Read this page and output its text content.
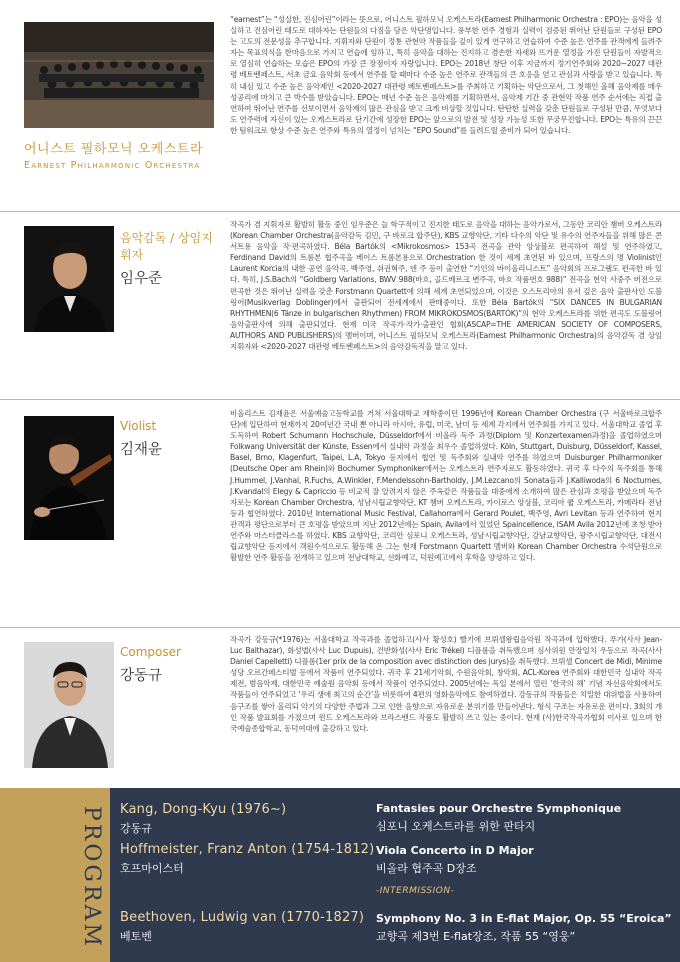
어니스트 필하모닉 오케스트라
Earnest Philharmonic Orchestra
“earnest”는 “성실한, 진심어린”이라는 뜻으로, 어니스트 필하모닉 오케스트라(Earnest Philharmonic Orchestra : EPO)는 음악을 성실하고 진심어린 태도로 대하자는 단원들의 다짐을 담은 악단명입니다. 풍부한 연주 경험과 실력이 검증된 뛰어난 단원들로 구성된 EPO는 고도의 전문성을 추구합니다. 지휘자와 단원이 정통 관현악 작품들을 깊이 있게 연구하고 연습하여 수준 높은 연주를 관객에게 들려주자는 목표의식을 한마음으로 가지고 연습에 임하고, 특히 음악을 대하는 진지하고 겸손한 자세와 뜨거운 열정을 가진 단원들이 자발적으로 열심히 연습하는 모습은 EPO의 가장 큰 장점이자 자랑입니다. EPO는 2018년 창단 이후 지금까지 정기연주회와 2020~2027 대관령 베토벤페스트, 서초 금요 음악회 등에서 연주를 할 때마다 수준 높은 연주로 관객들의 큰 호응을 얻고 관심과 사랑을 받고 있습니다. 특히 내심 있고 수준 높은 음악제인 <2020-2027 대관령 베토벤페스트>를 주최하고 기획하는 악단으로서, 그 첫해인 올해 음악제를 매우 성공리에 마치고 큰 박수를 받았습니다. EPO는 매년 수준 높은 음악제를 기획하면서, 음악제 기간 중 관현악 작품 연주 순서에는 직접 출연하여 뛰어난 연주를 선보이면서 음악계의 많은 관심을 받고 크게 비상할 것입니다. 탄탄한 실력을 갖춘 단원들로 구성된 만큼, 무엇보다도 연주력에 자신이 있는 오케스트라로 단기간에 성장한 EPO는 앞으로의 발전 및 성장 가능성 또한 무궁무진합니다. EPO는 특유의 끈끈한 팀워크로 항상 수준 높은 연주와 특유의 열정이 넘치는 “EPO Sound”를 들려드릴 준비가 되어 있습니다.
음악감독 / 상임지휘자
임우준
작곡가 겸 지휘자로 활발히 활동 중인 임우준은 늘 학구적이고 진지한 태도로 음악을 대하는 음악가로서, 그동안 코리안 챔버 오케스트라(Korean Chamber Orchestra(음악감독 김민, 구 바로크 합주단), KBS 교향악단, 기타 다수의 악단 및 유수의 연주자들을 위해 많은 콘서트용 음악을 작·편곡하였다. Béla Bartók의 <Mikrokosmos> 153곡 전곡을 관악 앙상블로 편곡하여 해설 및 연주하였고, Ferdinand David의 트롬본 협주곡을 베이스 트롬본용으로 Orchestration 한 것이 세계 초연된 바 있으며, 프랑스의 명 Violinist인 Laurent Korcia의 내한 공연 음악곡, 백주영, 쉬권혁주, 덴 주 등이 출연한 “기인의 바이올리니스트” 음악회의 프로그램도 편곡한 바 있다. 특히, J.S.Bach의 “Goldberg Variations, BWV 988(바흐, 골드베르크 변주곡, 바흐 작품번호 988)” 전곡을 현악 사중주 버전으로 편곡한 것은 뛰어난 실력을 갖춘 Forstmann Quartett에 의해 세계 초연되었으며, 이것은 오스트리아의 유서 깊은 음악 출판사인 도블링어(Musikverlag Doblinger)에서 출판되어 전세계에서 판매중이다. 또한 Béla Bartók의 “SIX DANCES IN BULGARIAN RHYTHMEN(6 Tänze in bulgarischen Rhythmen) FROM MIKROKOSMOS(BARTÓK)”의 현악 오케스트라를 위한 편곡도 도블링어 음악출판사에 의해 출판되었다. 현재 미국 작곡가·작가·출판인 협회(ASCAP=THE AMERICAN SOCIETY OF COMPOSERS, AUTHORS AND PUBLISHERS)의 멤버이며, 어니스트 필하모닉 오케스트라(Earnest Philharmonic Orchestra)의 음악감독 겸 상임 지휘자와 <2020-2027 대관령 베토벤페스트>의 음악감독직을 맡고 있다.
Violist
김재윤
비올리스트 김재윤은 서울예술고등학교를 거쳐 서울대학교 재학중이던 1996년에 Korean Chamber Orchestra (구 서울바로크합주단)에 입단하여 현재까지 20여년간 국내 뿐 아니라 아시아, 유럽, 미국, 남미 등 세계 각지에서 연주회를 가지고 있다. 서울대학교 졸업 후 도독하여 Robert Schumann Hochschule, Düsseldorf에서 비올라 독주 과정(Diplom 및 Konzertexamen과정)을 졸업하였으며 Folkwang Universität der Künste, Essen에서 실내악 과정을 최우수 졸업하였다. Köln, Stuttgart, Duisburg, Düsseldorf, Kassel, Basel, Brno, Klagenfurt, Taipei, L.A, Tokyo 등지에서 협연 및 독주회와 실내악 연주를 하였으며 Duisburger Philharmoniker (Deutsche Oper am Rhein)와 Bochumer Symphoniker에서는 오케스트라 연주자로도 활동하였다. 귀국 후 다수의 독주회를 통해 J.Hummel, J.Vanhal, R.Fuchs, A.Winkler, F.Mendelssohn-Bartholdy, J.M.Lezcano의 Sonata들과 J.Kalliwoda의 6 Nocturnes, J.Kvandal의 Elegy & Capriccio 등 비교적 잘 알려지지 않은 주옥같은 작품들을 대중에게 소개하여 많은 관심과 호평을 받았으며 독주자로는 Korean Chamber Orchestra, 성남시립교향악단, KT 챔버 오케스트라, 카이로스 앙상블, 코리아 쿱 오케스트라, 카메라타 전남 등과 협연하였다. 2010년 International Music Festival, Callahorra에서 Gerard Poulet, 백주영, Avri Levitan 등과 연주하여 현지 관객과 평단으로부터 큰 호평을 받았으며 지난 2012년에는 Spain, Avila에서 있었던 Spaincellence, ISAM Avila 2012년에 초청 받아 연주와 마스터클라스를 하였다. KBS 교향악단, 코리안 심포니 오케스트라, 성남시립교향악단, 강남교향악단, 광주시립교향악단, 대전시립교향악단 등지에서 객원수석으로도 활동해 온 그는 현재 Forstmann Quartett 멤버와 Korean Chamber Orchestra 수석단원으로 활발한 연주 활동을 전개하고 있으며 전남대학교, 선화예고, 덕원예고에서 후학을 양성하고 있다.
Composer
강동규
작곡가 강동규(*1976)는 서울대학교 작곡과를 졸업하고(사사 황성호) 빨기에 브뤼셀왕립음악원 작곡과에 입학했다. 푸가(사사 Jean-Luc Balthazar), 화성법(사사 Luc Dupuis), 건반화성(사사 Eric Trékel) 디플롬을 취득했으며 심사위원 만장일치 우등으로 작곡(사사 Daniel Capelletti) 디플롬(1er prix de la composition avec distinction des jurys)을 취득했다. 브뤼셀 Concert de Midi, Minime 성당 오르간페스티벌 등에서 작품이 연주되었다. 귀국 후 21세기악회, 수원음악회, 창악회, ACL-Korea 연주회와 대한민국 실내악 작곡제전, 범음악제, 대한민국 예술원 음악회 등에서 작품이 연주되었다. 2005년에는 독일 본에서 열린 ‘한국의 해’ 기념 자선음악회에서도 작품들이 연주되었고 ‘우리 생애 최고의 순간’을 비롯하여 4편의 영화음악에도 참여하였다. 강동규의 작품들은 치밀한 대위법을 사용하여 음구조를 쌓아 올리되 악기의 다양한 주법과 그로 인한 음향으로 자유로운 분위기를 만들어낸다. 형식 구조는 자유로운 편이다. 3회의 개인 작품 발표회를 가졌으며 윈드 오케스트라와 브라스밴드 작품도 활발히 쓰고 있는 중이다. 현재 (사)한국작곡가협회 이사로 있으며 한국예술종합학교, 동덕여대에 출강하고 있다.
PROGRAM Kang, Dong-Kyu (1976~)
강동규
Fantasies pour Orchestre Symphonique
심포니 오케스트라를 위한 판타지
Hoffmeister, Franz Anton (1754-1812)
호프마이스터
Viola Concerto in D Major
비올라 협주곡 D장조
-INTERMISSION-
Beethoven, Ludwig van (1770-1827)
베토벤
Symphony No. 3 in E-flat Major, Op. 55 “Eroica”
교향곡 제3번 E-flat장조, 작품 55 “영웅”
